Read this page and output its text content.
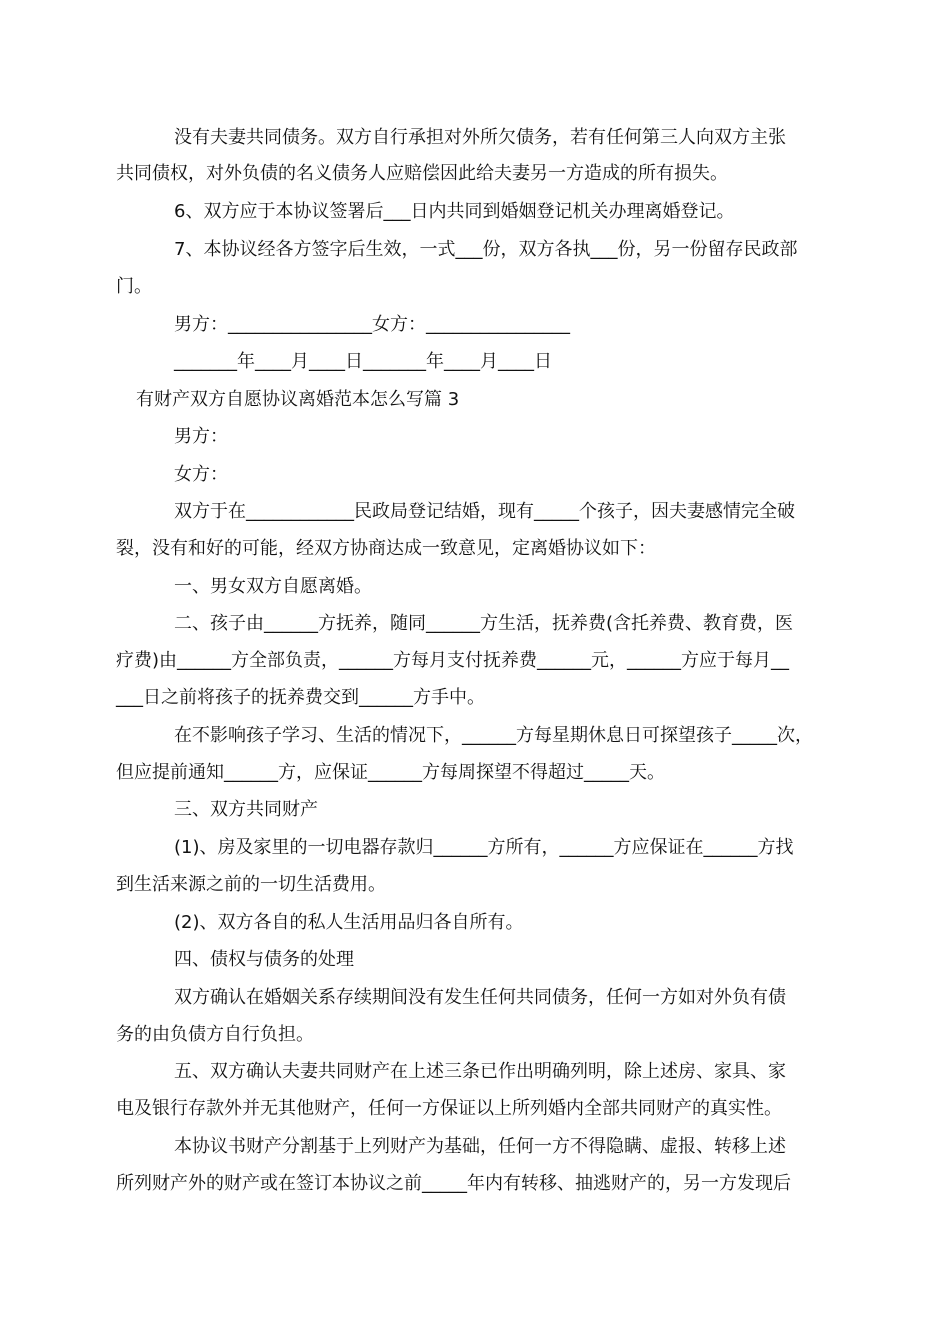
没有夫妻共同债务。双方自行承担对外所欠债务，若有任何第三人向双方主张
共同债权，对外负债的名义债务人应赔偿因此给夫妻另一方造成的所有损失。
6、双方应于本协议签署后___日内共同到婚姻登记机关办理离婚登记。
7、本协议经各方签字后生效，一式___份，双方各执___份，另一份留存民政部
门。
男方：________________女方：________________
_______年____月____日_______年____月____日
有财产双方自愿协议离婚范本怎么写篇 3
男方：
女方：
双方于在____________民政局登记结婚，现有_____个孩子，因夫妻感情完全破
裂，没有和好的可能，经双方协商达成一致意见，定离婚协议如下：
一、男女双方自愿离婚。
二、孩子由______方抚养，随同______方生活，抚养费(含托养费、教育费，医
疗费)由______方全部负责，______方每月支付抚养费______元，______方应于每月__
___日之前将孩子的抚养费交到______方手中。
在不影响孩子学习、生活的情况下，______方每星期休息日可探望孩子_____次，
但应提前通知______方，应保证______方每周探望不得超过_____天。
三、双方共同财产
(1)、房及家里的一切电器存款归______方所有，______方应保证在______方找
到生活来源之前的一切生活费用。
(2)、双方各自的私人生活用品归各自所有。
四、债权与债务的处理
双方确认在婚姻关系存续期间没有发生任何共同债务，任何一方如对外负有债
务的由负债方自行负担。
五、双方确认夫妻共同财产在上述三条已作出明确列明，除上述房、家具、家
电及银行存款外并无其他财产，任何一方保证以上所列婚内全部共同财产的真实性。
本协议书财产分割基于上列财产为基础，任何一方不得隐瞒、虚报、转移上述
所列财产外的财产或在签订本协议之前_____年内有转移、抽逃财产的，另一方发现后
